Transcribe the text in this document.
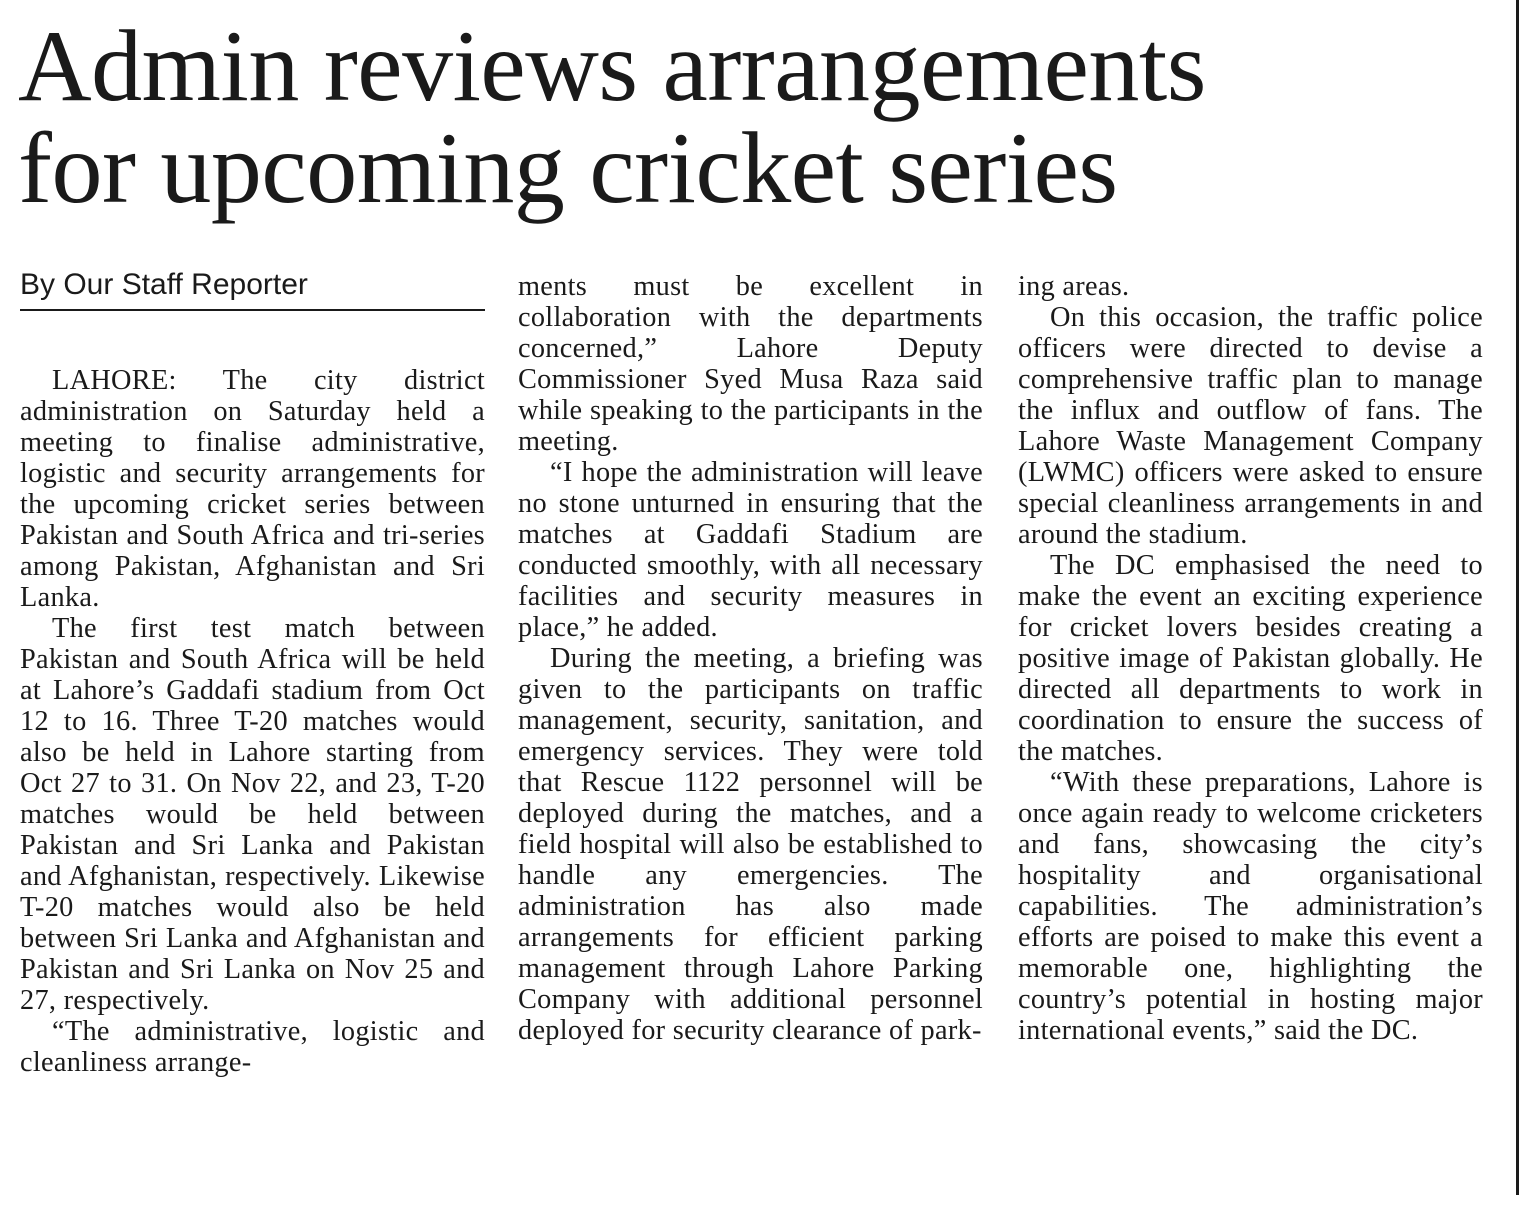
Admin reviews arrangements
for upcoming cricket series
By Our Staff Reporter

LAHORE: The city district administration on Saturday held a meeting to finalise administrative, logistic and security arrangements for the upcoming cricket series between Pakistan and South Africa and tri-series among Pakistan, Afghanistan and Sri Lanka.

The first test match between Pakistan and South Africa will be held at Lahore’s Gaddafi stadium from Oct 12 to 16. Three T-20 matches would also be held in Lahore starting from Oct 27 to 31. On Nov 22, and 23, T-20 matches would be held between Pakistan and Sri Lanka and Pakistan and Afghanistan, respectively. Likewise T-20 matches would also be held between Sri Lanka and Afghanistan and Pakistan and Sri Lanka on Nov 25 and 27, respectively.

“The administrative, logistic and cleanliness arrange-

ments must be excellent in collaboration with the departments concerned,” Lahore Deputy Commissioner Syed Musa Raza said while speaking to the participants in the meeting.

“I hope the administration will leave no stone unturned in ensuring that the matches at Gaddafi Stadium are conducted smoothly, with all necessary facilities and security measures in place,” he added.

During the meeting, a briefing was given to the participants on traffic management, security, sanitation, and emergency services. They were told that Rescue 1122 personnel will be deployed during the matches, and a field hospital will also be established to handle any emergencies. The administration has also made arrangements for efficient parking management through Lahore Parking Company with additional personnel deployed for security clearance of park-

ing areas.

On this occasion, the traffic police officers were directed to devise a comprehensive traffic plan to manage the influx and outflow of fans. The Lahore Waste Management Company (LWMC) officers were asked to ensure special cleanliness arrangements in and around the stadium.

The DC emphasised the need to make the event an exciting experience for cricket lovers besides creating a positive image of Pakistan globally. He directed all departments to work in coordination to ensure the success of the matches.

“With these preparations, Lahore is once again ready to welcome cricketers and fans, showcasing the city’s hospitality and organisational capabilities. The administration’s efforts are poised to make this event a memorable one, highlighting the country’s potential in hosting major international events,” said the DC.
